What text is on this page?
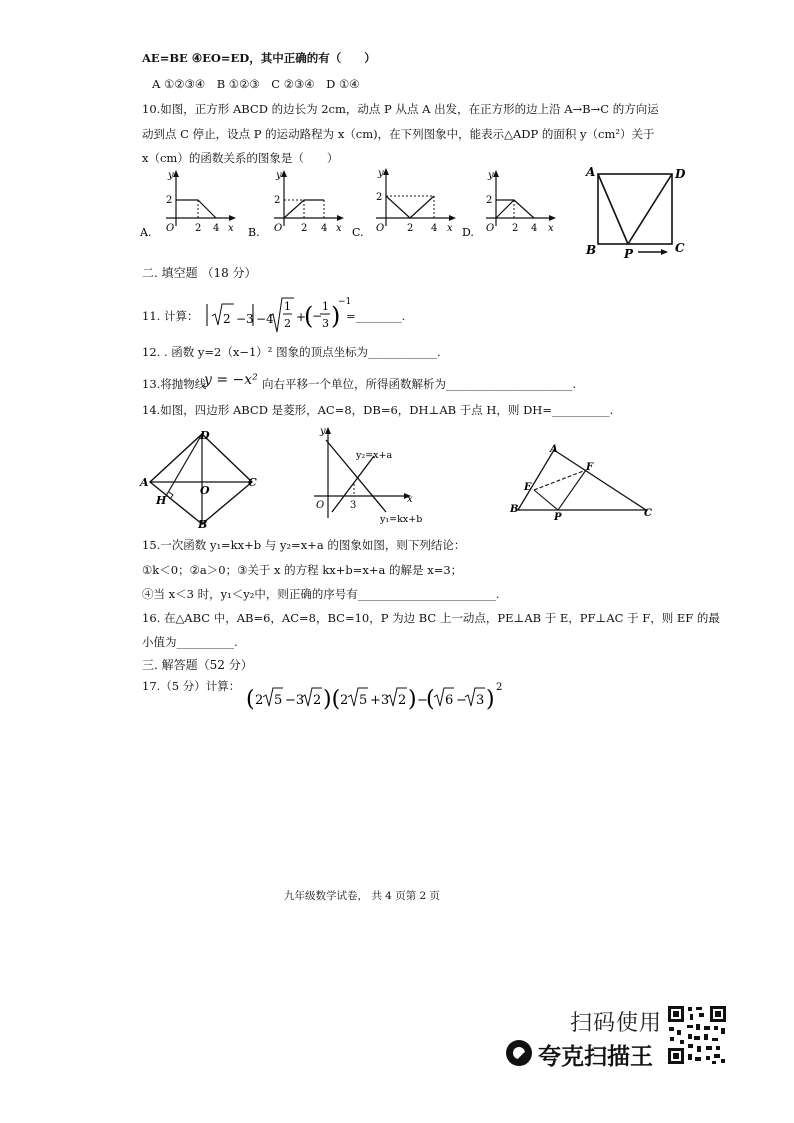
AE=BE ④EO=ED，其中正确的有（　　）
A ①②③④　B ①②③　C ②③④　D ①④
10.如图，正方形 ABCD 的边长为 2cm，动点 P 从点 A 出发，在正方形的边上沿 A→B→C 的方向运
动到点 C 停止，设点 P 的运动路程为 x（cm)，在下列图象中，能表示△ADP 的面积 y（cm²）关于
x（cm）的函数关系的图象是（　　）
y
2
O 2 4 x
A.
y
2
O 2 4 x
B.
y
2
O 2 4 x
C.
y
2
O 2 4 x
D.
A	D
B	C
P
二. 填空题 （18 分）
11. 计算： 2 −3 −4
1
2 +
(
−
1
3 )
−1
=________.
12. . 函数 y=2（x−1）² 图象的顶点坐标为____________.
13.将抛物线
y = −x² 向右平移一个单位，所得函数解析为______________________.
14.如图，四边形 ABCD 是菱形，AC=8，DB=6，DH⊥AB 于点 H，则 DH=__________.
D
A	C
B
H
O
y
x
O	3
y₂=x+a
y₁=kx+b
A
B	C
E
F
P
15.一次函数 y₁=kx+b 与 y₂=x+a 的图象如图，则下列结论：
①k＜0；②a＞0；③关于 x 的方程 kx+b=x+a 的解是 x=3；
④当 x＜3 时，y₁＜y₂中，则正确的序号有________________________.
16. 在△ABC 中，AB=6，AC=8，BC=10，P 为边 BC 上一动点，PE⊥AB 于 E，PF⊥AC 于 F，则 EF 的最
小值为__________.
三. 解答题（52 分）
17.（5 分）计算：
( 2 5 −3 2 )( 2 5 +3 2 ) −
( 6 − 3 ) 2
九年级数学试卷， 共 4 页第 2 页
扫码使用
夸克扫描王
